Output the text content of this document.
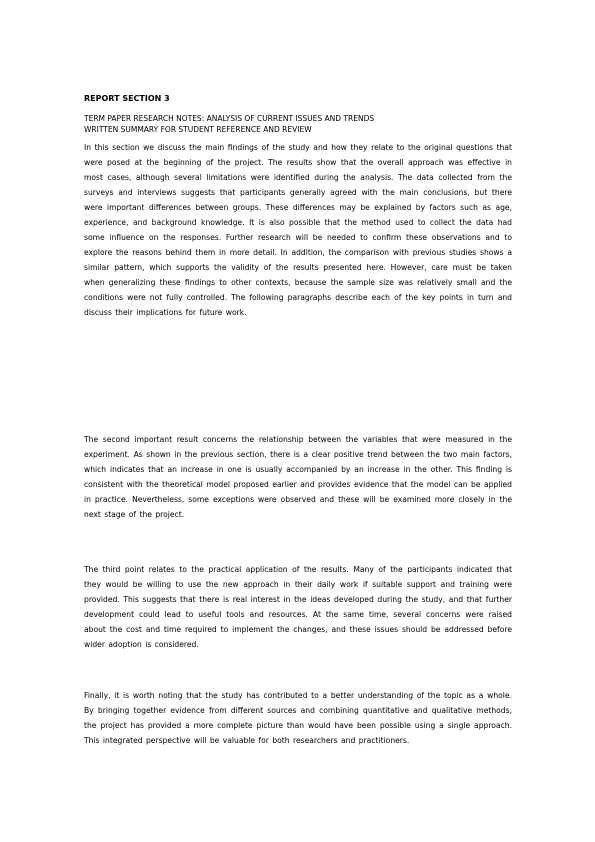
REPORT SECTION 3
TERM PAPER RESEARCH NOTES: ANALYSIS OF CURRENT ISSUES AND TRENDS
WRITTEN SUMMARY FOR STUDENT REFERENCE AND REVIEW
In this section we discuss the main findings of the study and how they relate to the original questions that were posed at the beginning of the project. The results show that the overall approach was effective in most cases, although several limitations were identified during the analysis. The data collected from the surveys and interviews suggests that participants generally agreed with the main conclusions, but there were important differences between groups. These differences may be explained by factors such as age, experience, and background knowledge. It is also possible that the method used to collect the data had some influence on the responses. Further research will be needed to confirm these observations and to explore the reasons behind them in more detail. In addition, the comparison with previous studies shows a similar pattern, which supports the validity of the results presented here. However, care must be taken when generalizing these findings to other contexts, because the sample size was relatively small and the conditions were not fully controlled. The following paragraphs describe each of the key points in turn and discuss their implications for future work.
The second important result concerns the relationship between the variables that were measured in the experiment. As shown in the previous section, there is a clear positive trend between the two main factors, which indicates that an increase in one is usually accompanied by an increase in the other. This finding is consistent with the theoretical model proposed earlier and provides evidence that the model can be applied in practice. Nevertheless, some exceptions were observed and these will be examined more closely in the next stage of the project.
The third point relates to the practical application of the results. Many of the participants indicated that they would be willing to use the new approach in their daily work if suitable support and training were provided. This suggests that there is real interest in the ideas developed during the study, and that further development could lead to useful tools and resources. At the same time, several concerns were raised about the cost and time required to implement the changes, and these issues should be addressed before wider adoption is considered.
Finally, it is worth noting that the study has contributed to a better understanding of the topic as a whole. By bringing together evidence from different sources and combining quantitative and qualitative methods, the project has provided a more complete picture than would have been possible using a single approach. This integrated perspective will be valuable for both researchers and practitioners.
